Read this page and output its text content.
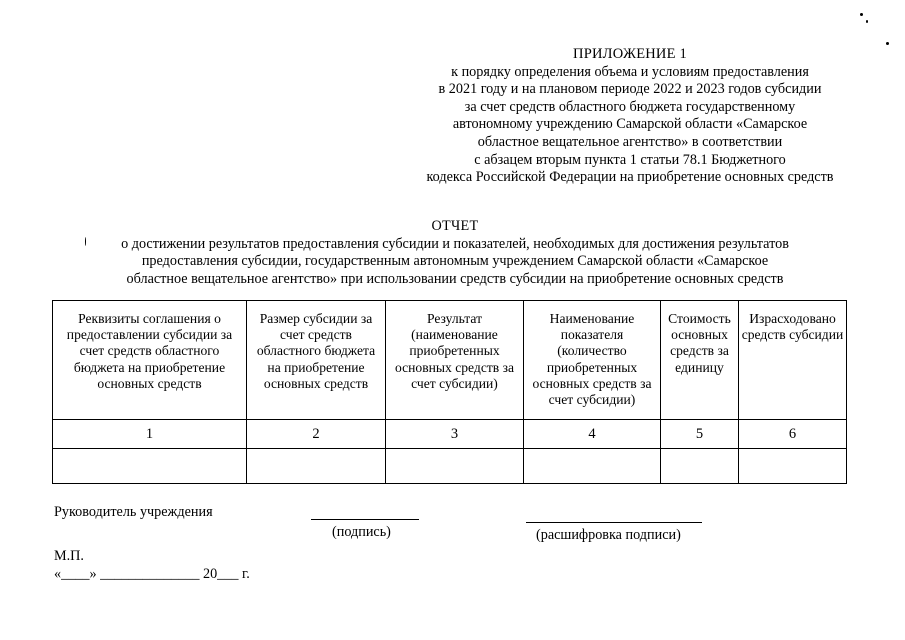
ПРИЛОЖЕНИЕ 1
к порядку определения объема и условиям предоставления
в 2021 году и на плановом периоде 2022 и 2023 годов субсидии
за счет средств областного бюджета государственному
автономному учреждению Самарской области «Самарское
областное вещательное агентство» в соответствии
с абзацем вторым пункта 1 статьи 78.1 Бюджетного
кодекса Российской Федерации на приобретение основных средств
ОТЧЕТ
о достижении результатов предоставления субсидии и показателей, необходимых для достижения результатов
предоставления субсидии, государственным автономным учреждением Самарской области «Самарское
областное вещательное агентство» при использовании средств субсидии на приобретение основных средств
Реквизиты соглашения о предоставлении субсидии за счет средств областного бюджета на приобретение основных средств	Размер субсидии за счет средств областного бюджета на приобретение основных средств	Результат (наименование приобретенных основных средств за счет субсидии)	Наименование показателя (количество приобретенных основных средств за счет субсидии)	Стоимость основных средств за единицу	Израсходовано средств субсидии
1	2	3	4	5	6

Руководитель учреждения
(подпись)	(расшифровка подписи)
М.П.
«____» ______________ 20___ г.
